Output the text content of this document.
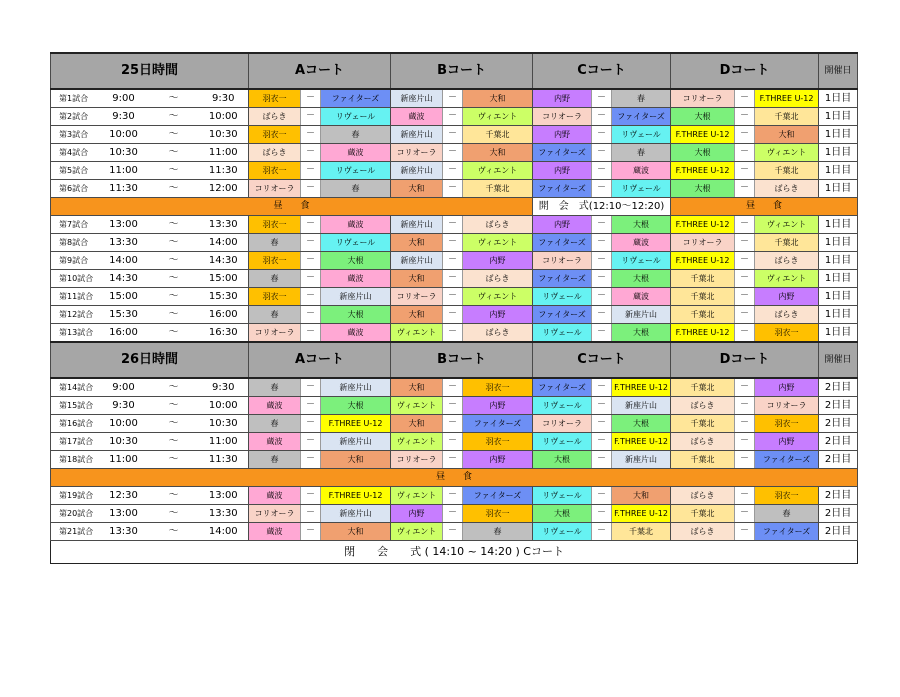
25日時間				Aコート			Bコート			Cコート			Dコート			開催日
第1試合	9:00	〜	9:30	羽衣一	－	ファイターズ	新座片山	－	大和	内野	－	春	コリオーラ	－	F.THREE U-12	1日目
第2試合	9:30	〜	10:00	ばらき	－	リヴェール	蔵波	－	ヴィエント	コリオーラ	－	ファイターズ	大根	－	千葉北	1日目
第3試合	10:00	〜	10:30	羽衣一	－	春	新座片山	－	千葉北	内野	－	リヴェール	F.THREE U-12	－	大和	1日目
第4試合	10:30	〜	11:00	ばらき	－	蔵波	コリオーラ	－	大和	ファイターズ	－	春	大根	－	ヴィエント	1日目
第5試合	11:00	〜	11:30	羽衣一	－	リヴェール	新座片山	－	ヴィエント	内野	－	蔵波	F.THREE U-12	－	千葉北	1日目
第6試合	11:30	〜	12:00	コリオーラ	－	春	大和	－	千葉北	ファイターズ	－	リヴェール	大根	－	ばらき	1日目
昼　　食										開　会　式(12:10〜12:20)			昼　　食			
第7試合	13:00	〜	13:30	羽衣一	－	蔵波	新座片山	－	ばらき	内野	－	大根	F.THREE U-12	－	ヴィエント	1日目
第8試合	13:30	〜	14:00	春	－	リヴェール	大和	－	ヴィエント	ファイターズ	－	蔵波	コリオーラ	－	千葉北	1日目
第9試合	14:00	〜	14:30	羽衣一	－	大根	新座片山	－	内野	コリオーラ	－	リヴェール	F.THREE U-12	－	ばらき	1日目
第10試合	14:30	〜	15:00	春	－	蔵波	大和	－	ばらき	ファイターズ	－	大根	千葉北	－	ヴィエント	1日目
第11試合	15:00	〜	15:30	羽衣一	－	新座片山	コリオーラ	－	ヴィエント	リヴェール	－	蔵波	千葉北	－	内野	1日目
第12試合	15:30	〜	16:00	春	－	大根	大和	－	内野	ファイターズ	－	新座片山	千葉北	－	ばらき	1日目
第13試合	16:00	〜	16:30	コリオーラ	－	蔵波	ヴィエント	－	ばらき	リヴェール	－	大根	F.THREE U-12	－	羽衣一	1日目
26日時間				Aコート			Bコート			Cコート			Dコート			開催日
第14試合	9:00	〜	9:30	春	－	新座片山	大和	－	羽衣一	ファイターズ	－	F.THREE U-12	千葉北	－	内野	2日目
第15試合	9:30	〜	10:00	蔵波	－	大根	ヴィエント	－	内野	リヴェール	－	新座片山	ばらき	－	コリオーラ	2日目
第16試合	10:00	〜	10:30	春	－	F.THREE U-12	大和	－	ファイターズ	コリオーラ	－	大根	千葉北	－	羽衣一	2日目
第17試合	10:30	〜	11:00	蔵波	－	新座片山	ヴィエント	－	羽衣一	リヴェール	－	F.THREE U-12	ばらき	－	内野	2日目
第18試合	11:00	〜	11:30	春	－	大和	コリオーラ	－	内野	大根	－	新座片山	千葉北	－	ファイターズ	2日目
昼　　食																
第19試合	12:30	〜	13:00	蔵波	－	F.THREE U-12	ヴィエント	－	ファイターズ	リヴェール	－	大和	ばらき	－	羽衣一	2日目
第20試合	13:00	〜	13:30	コリオーラ	－	新座片山	内野	－	羽衣一	大根	－	F.THREE U-12	千葉北	－	春	2日目
第21試合	13:30	〜	14:00	蔵波	－	大和	ヴィエント	－	春	リヴェール	－	千葉北	ばらき	－	ファイターズ	2日目
閉　　会　　式 ( 14:10 ~ 14:20 ) Cコート																
